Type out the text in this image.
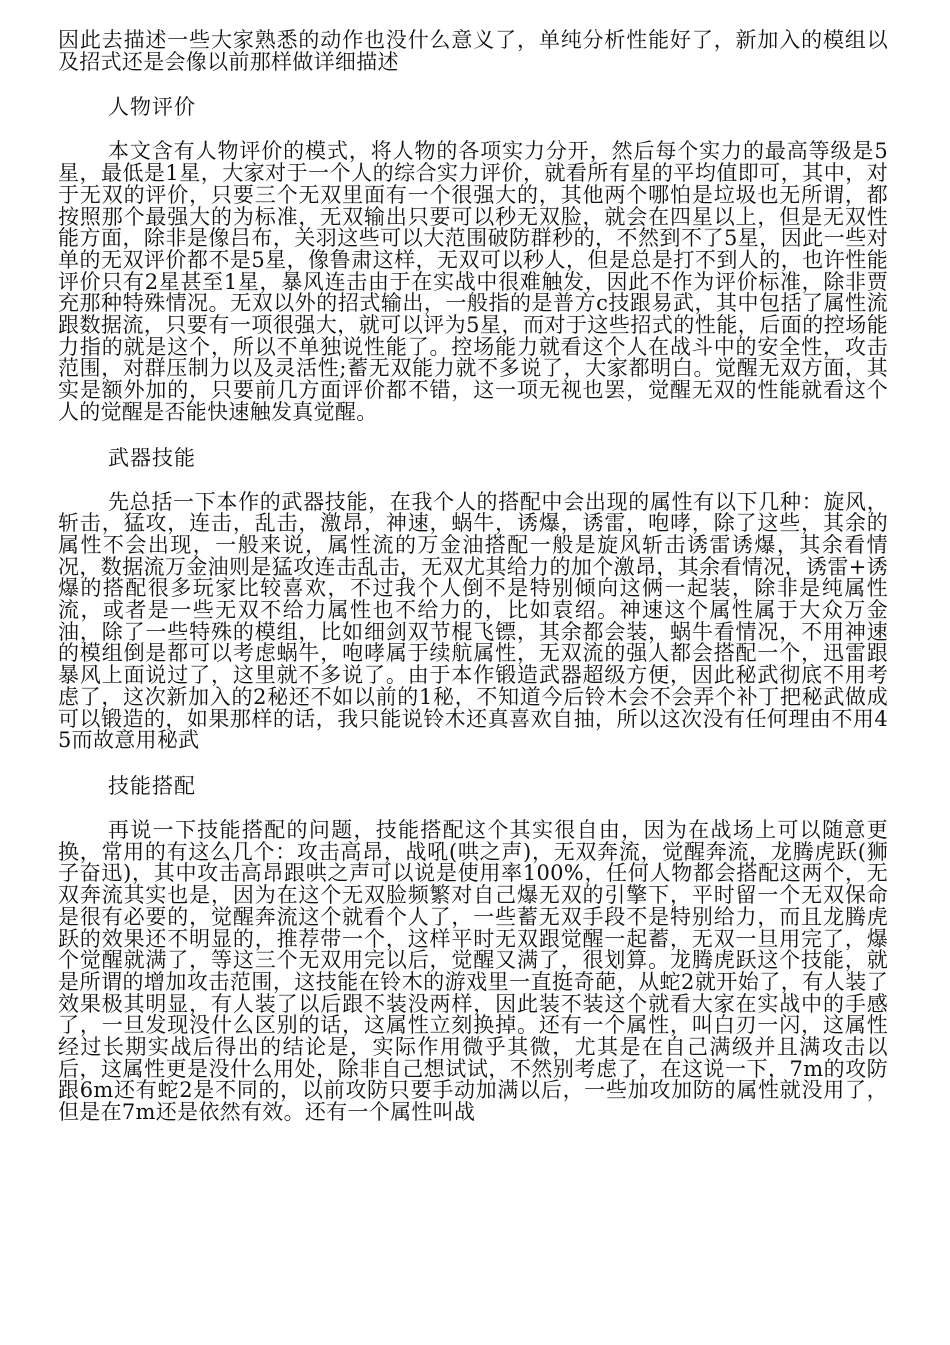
因此去描述一些大家熟悉的动作也没什么意义了，单纯分析性能好了，新加入的模组以及招式还是会像以前那样做详细描述

人物评价

本文含有人物评价的模式，将人物的各项实力分开，然后每个实力的最高等级是5星，最低是1星，大家对于一个人的综合实力评价，就看所有星的平均值即可，其中，对于无双的评价，只要三个无双里面有一个很强大的，其他两个哪怕是垃圾也无所谓，都按照那个最强大的为标准，无双输出只要可以秒无双脸，就会在四星以上，但是无双性能方面，除非是像吕布，关羽这些可以大范围破防群秒的，不然到不了5星，因此一些对单的无双评价都不是5星，像鲁肃这样，无双可以秒人，但是总是打不到人的，也许性能评价只有2星甚至1星，暴风连击由于在实战中很难触发，因此不作为评价标准，除非贾充那种特殊情况。无双以外的招式输出，一般指的是普方c技跟易武，其中包括了属性流跟数据流，只要有一项很强大，就可以评为5星，而对于这些招式的性能，后面的控场能力指的就是这个，所以不单独说性能了。控场能力就看这个人在战斗中的安全性，攻击范围，对群压制力以及灵活性;蓄无双能力就不多说了，大家都明白。觉醒无双方面，其实是额外加的，只要前几方面评价都不错，这一项无视也罢，觉醒无双的性能就看这个人的觉醒是否能快速触发真觉醒。

武器技能

先总括一下本作的武器技能，在我个人的搭配中会出现的属性有以下几种：旋风，斩击，猛攻，连击，乱击，激昂，神速，蜗牛，诱爆，诱雷，咆哮，除了这些，其余的属性不会出现，一般来说，属性流的万金油搭配一般是旋风斩击诱雷诱爆，其余看情况，数据流万金油则是猛攻连击乱击，无双尤其给力的加个激昂，其余看情况，诱雷+诱爆的搭配很多玩家比较喜欢，不过我个人倒不是特别倾向这俩一起装，除非是纯属性流，或者是一些无双不给力属性也不给力的，比如袁绍。神速这个属性属于大众万金油，除了一些特殊的模组，比如细剑双节棍飞镖，其余都会装，蜗牛看情况，不用神速的模组倒是都可以考虑蜗牛，咆哮属于续航属性，无双流的强人都会搭配一个，迅雷跟暴风上面说过了，这里就不多说了。由于本作锻造武器超级方便，因此秘武彻底不用考虑了，这次新加入的2秘还不如以前的1秘，不知道今后铃木会不会弄个补丁把秘武做成可以锻造的，如果那样的话，我只能说铃木还真喜欢自抽，所以这次没有任何理由不用45而故意用秘武

技能搭配

再说一下技能搭配的问题，技能搭配这个其实很自由，因为在战场上可以随意更换，常用的有这么几个：攻击高昂，战吼(哄之声)，无双奔流，觉醒奔流，龙腾虎跃(狮子奋迅)，其中攻击高昂跟哄之声可以说是使用率100%，任何人物都会搭配这两个，无双奔流其实也是，因为在这个无双脸频繁对自己爆无双的引擎下，平时留一个无双保命是很有必要的，觉醒奔流这个就看个人了，一些蓄无双手段不是特别给力，而且龙腾虎跃的效果还不明显的，推荐带一个，这样平时无双跟觉醒一起蓄，无双一旦用完了，爆个觉醒就满了，等这三个无双用完以后，觉醒又满了，很划算。龙腾虎跃这个技能，就是所谓的增加攻击范围，这技能在铃木的游戏里一直挺奇葩，从蛇2就开始了，有人装了效果极其明显，有人装了以后跟不装没两样，因此装不装这个就看大家在实战中的手感了，一旦发现没什么区别的话，这属性立刻换掉。还有一个属性，叫白刃一闪，这属性经过长期实战后得出的结论是，实际作用微乎其微，尤其是在自己满级并且满攻击以后，这属性更是没什么用处，除非自己想试试，不然别考虑了，在这说一下，7m的攻防跟6m还有蛇2是不同的，以前攻防只要手动加满以后，一些加攻加防的属性就没用了，但是在7m还是依然有效。还有一个属性叫战
